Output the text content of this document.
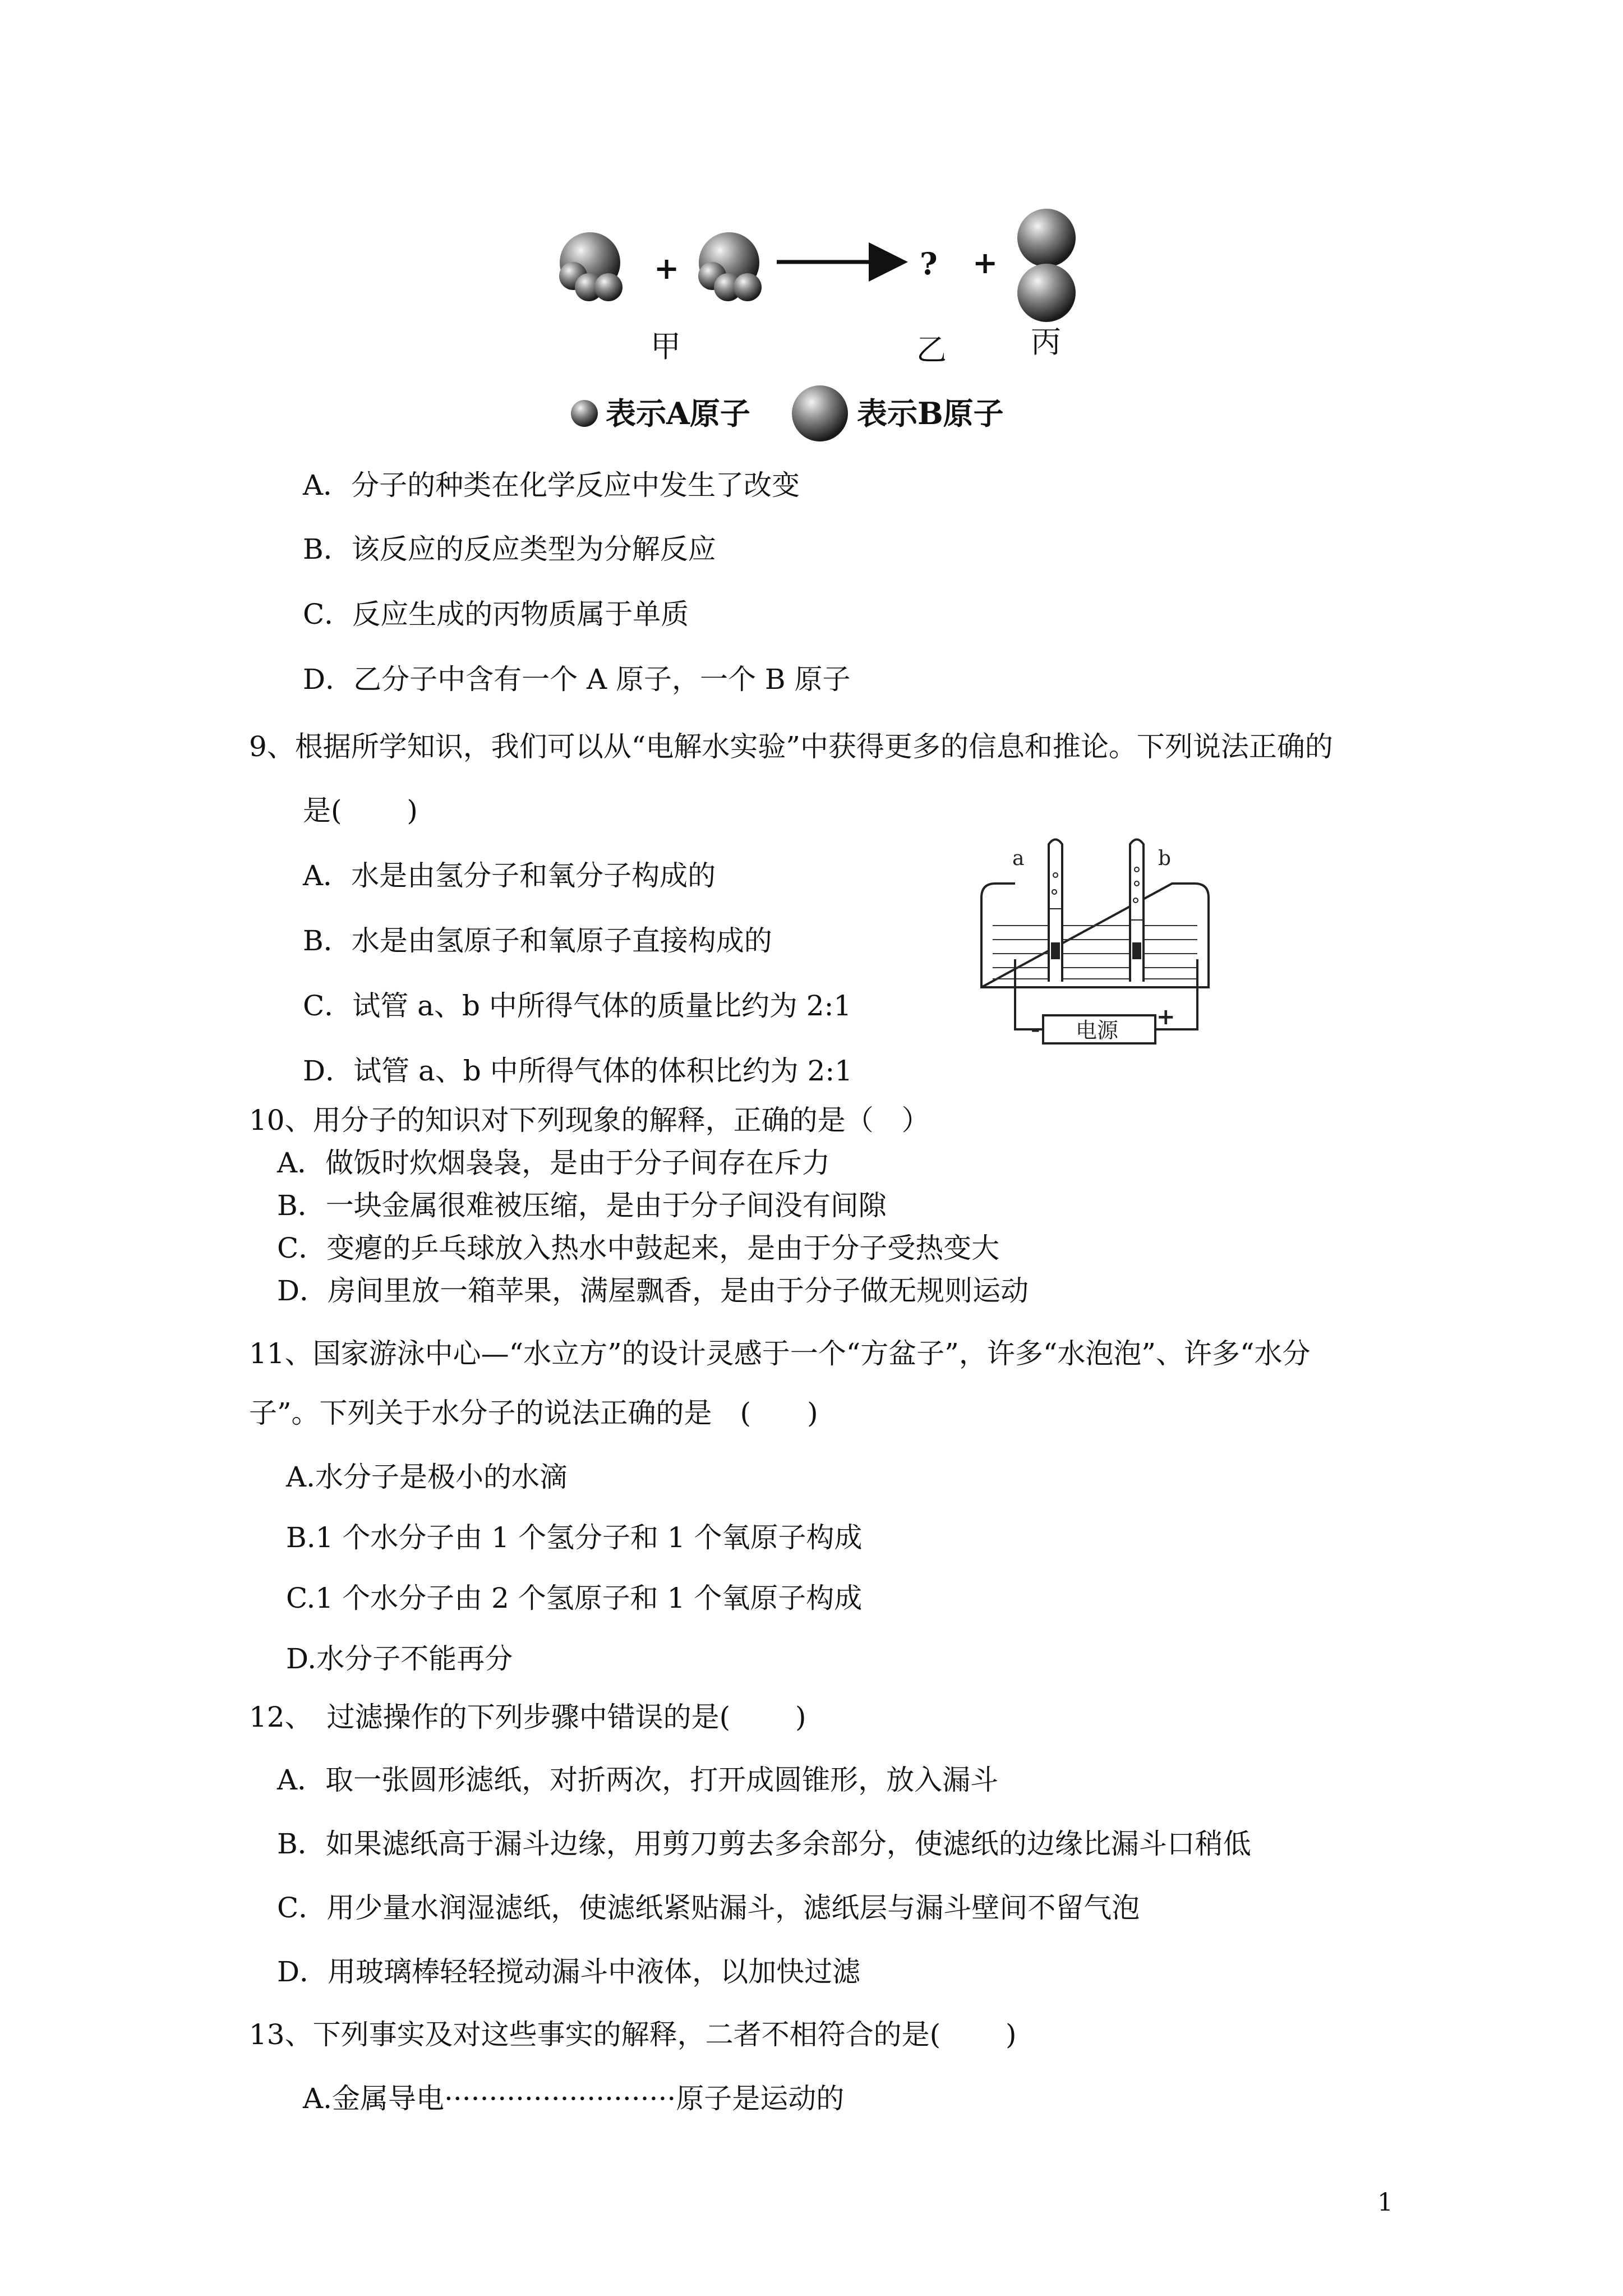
+	? +
甲	乙	丙
表示A原子	表示B原子
A．分子的种类在化学反应中发生了改变
B．该反应的反应类型为分解反应
C．反应生成的丙物质属于单质
D．乙分子中含有一个 A 原子，一个 B 原子
9、根据所学知识，我们可以从“电解水实验”中获得更多的信息和推论。下列说法正确的
是(　　 )
A．水是由氢分子和氧分子构成的
B．水是由氢原子和氧原子直接构成的
C．试管 a、b 中所得气体的质量比约为 2:1
D．试管 a、b 中所得气体的体积比约为 2:1
a	b
- 电源
+
10、用分子的知识对下列现象的解释，正确的是（　）
A．做饭时炊烟袅袅，是由于分子间存在斥力
B．一块金属很难被压缩，是由于分子间没有间隙
C．变瘪的乒乓球放入热水中鼓起来，是由于分子受热变大
D．房间里放一箱苹果，满屋飘香，是由于分子做无规则运动
11、国家游泳中心—“水立方”的设计灵感于一个“方盆子”，许多“水泡泡”、许多“水分
子”。下列关于水分子的说法正确的是　(　　)
A.水分子是极小的水滴
B.1 个水分子由 1 个氢分子和 1 个氧原子构成
C.1 个水分子由 2 个氢原子和 1 个氧原子构成
D.水分子不能再分
12、　过滤操作的下列步骤中错误的是(　　 )
A．取一张圆形滤纸，对折两次，打开成圆锥形，放入漏斗
B．如果滤纸高于漏斗边缘，用剪刀剪去多余部分，使滤纸的边缘比漏斗口稍低
C．用少量水润湿滤纸，使滤纸紧贴漏斗，滤纸层与漏斗壁间不留气泡
D．用玻璃棒轻轻搅动漏斗中液体，以加快过滤
13、下列事实及对这些事实的解释，二者不相符合的是(　　 )
A.金属导电··························原子是运动的
1
